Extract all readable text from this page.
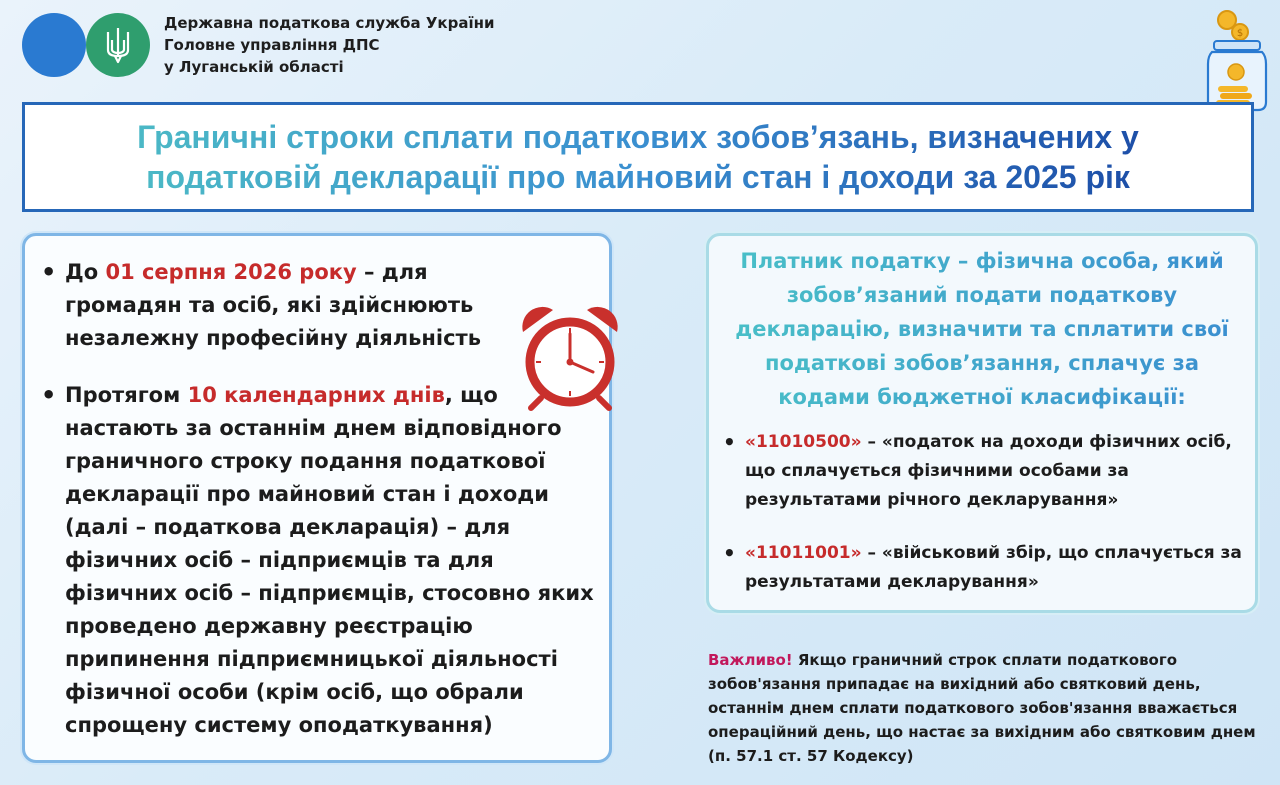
Державна податкова служба України
Головне управління ДПС
у Луганській області
$
Граничні строки сплати податкових зобов’язань, визначених у
податковій декларації про майновий стан і доходи за 2025 рік
• До 01 серпня 2026 року – для громадян та осіб, які здійснюють незалежну професійну діяльність
• Протягом 10 календарних днів, що настають за останнім днем відповідного граничного строку подання податкової декларації про майновий стан і доходи (далі – податкова декларація) – для фізичних осіб – підприємців та для фізичних осіб – підприємців, стосовно яких проведено державну реєстрацію припинення підприємницької діяльності фізичної особи (крім осіб, що обрали спрощену систему оподаткування)
Платник податку – фізична особа, який зобов’язаний подати податкову декларацію, визначити та сплатити свої податкові зобов’язання, сплачує за кодами бюджетної класифікації:
• «11010500» – «податок на доходи фізичних осіб, що сплачується фізичними особами за результатами річного декларування»
• «11011001» – «військовий збір, що сплачується за результатами декларування»
Важливо! Якщо граничний строк сплати податкового зобов'язання припадає на вихідний або святковий день, останнім днем сплати податкового зобов'язання вважається операційний день, що настає за вихідним або святковим днем (п. 57.1 ст. 57 Кодексу)
